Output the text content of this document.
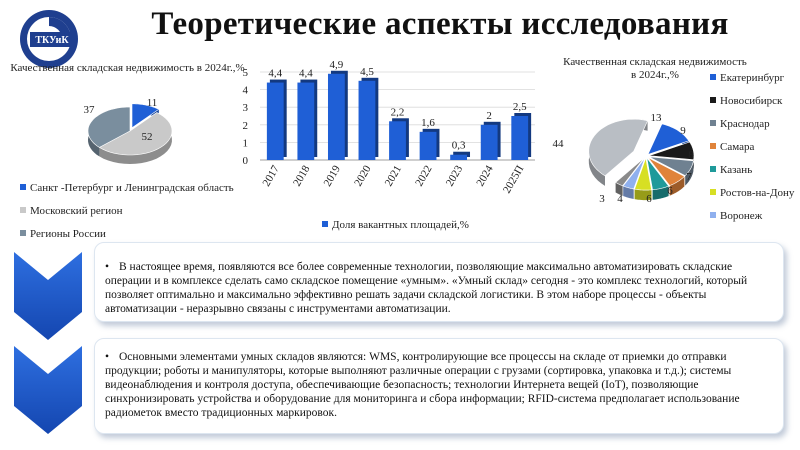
ТКУиК	Теоретические аспекты исследования
Качественная складская недвижимость в 2024г.,%
11
52
37
Санкт -Петербург и Ленинградская область
Московский регион
Регионы России
0
1
2
3
4
5 4,4
2017
4,4
2018
4,9
2019
4,5
2020
2,2
2021
1,6
2022
0,3
2023
2
2024
2,5
2025П
Доля вакантных площадей,%
Качественная складская недвижимость в 2024г.,%
13
9
8
7
6
6
4
3
44
Екатеринбург
Новосибирск
Краснодар
Самара
Казань
Ростов-на-Дону
Воронеж
• В настоящее время, появляются все более современные технологии, позволяющие максимально автоматизировать складские операции и в комплексе сделать само складское помещение «умным». «Умный склад» сегодня - это комплекс технологий, который позволяет оптимально и максимально эффективно решать задачи складской логистики. В этом наборе процессы - объекты автоматизации - неразрывно связаны с инструментами автоматизации.
• Основными элементами умных складов являются: WMS, контролирующие все процессы на складе от приемки до отправки продукции; роботы и манипуляторы, которые выполняют различные операции с грузами (сортировка, упаковка и т.д.); системы видеонаблюдения и контроля доступа, обеспечивающие безопасность; технологии Интернета вещей (IoT), позволяющие синхронизировать устройства и оборудование для мониторинга и сбора информации; RFID-система предполагает использование радиометок вместо традиционных маркировок.
